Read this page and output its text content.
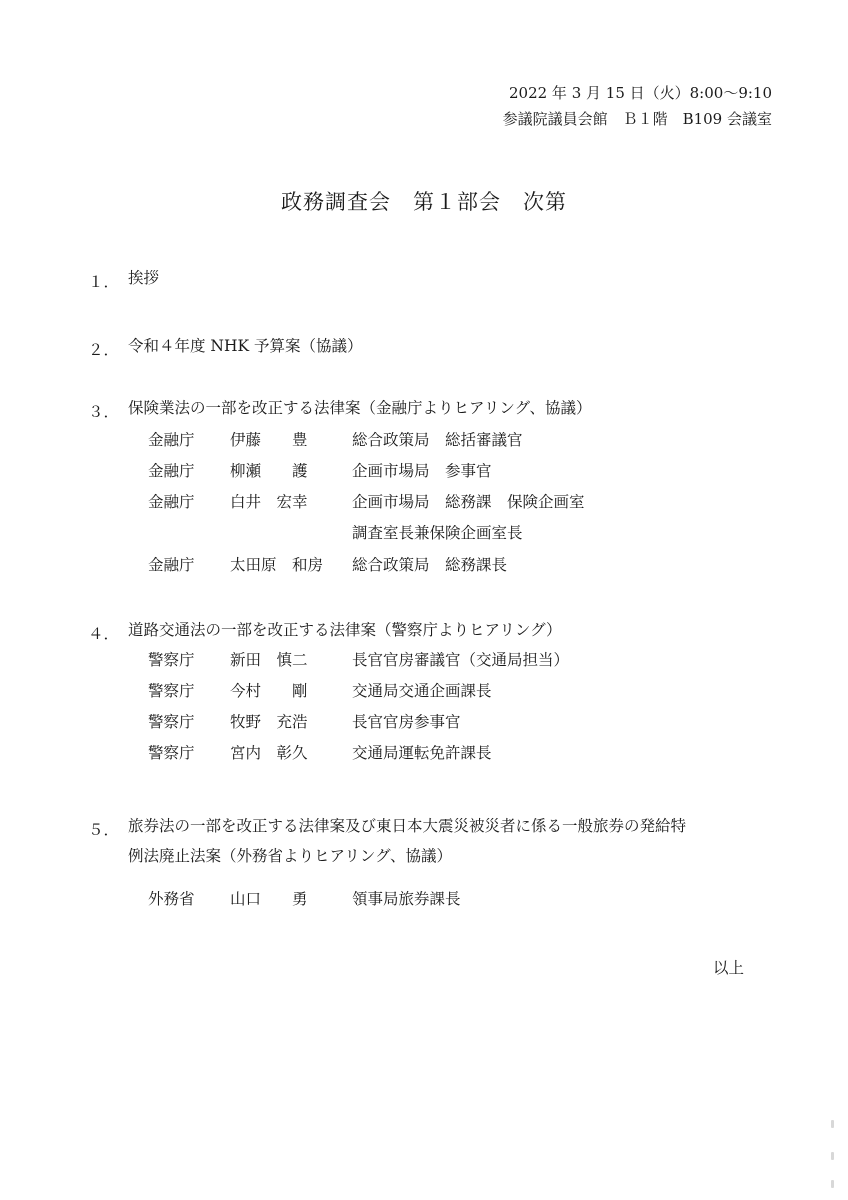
2022 年 3 月 15 日（火）8:00～9:10
参議院議員会館　Ｂ１階　B109 会議室
政務調査会　第１部会　次第
１． 挨拶
２． 令和４年度 NHK 予算案（協議）
３． 保険業法の一部を改正する法律案（金融庁よりヒアリング、協議）
金融庁 伊藤　　豊	総合政策局　総括審議官
金融庁 柳瀬　　護	企画市場局　参事官
金融庁 白井　宏幸	企画市場局　総務課　保険企画室
調査室長兼保険企画室長
金融庁 太田原　和房 総合政策局　総務課長
４． 道路交通法の一部を改正する法律案（警察庁よりヒアリング）
警察庁 新田　慎二	長官官房審議官（交通局担当）
警察庁 今村　　剛	交通局交通企画課長
警察庁 牧野　充浩	長官官房参事官
警察庁 宮内　彰久	交通局運転免許課長
５． 旅券法の一部を改正する法律案及び東日本大震災被災者に係る一般旅券の発給特
例法廃止法案（外務省よりヒアリング、協議）
外務省 山口　　勇	領事局旅券課長
以上
